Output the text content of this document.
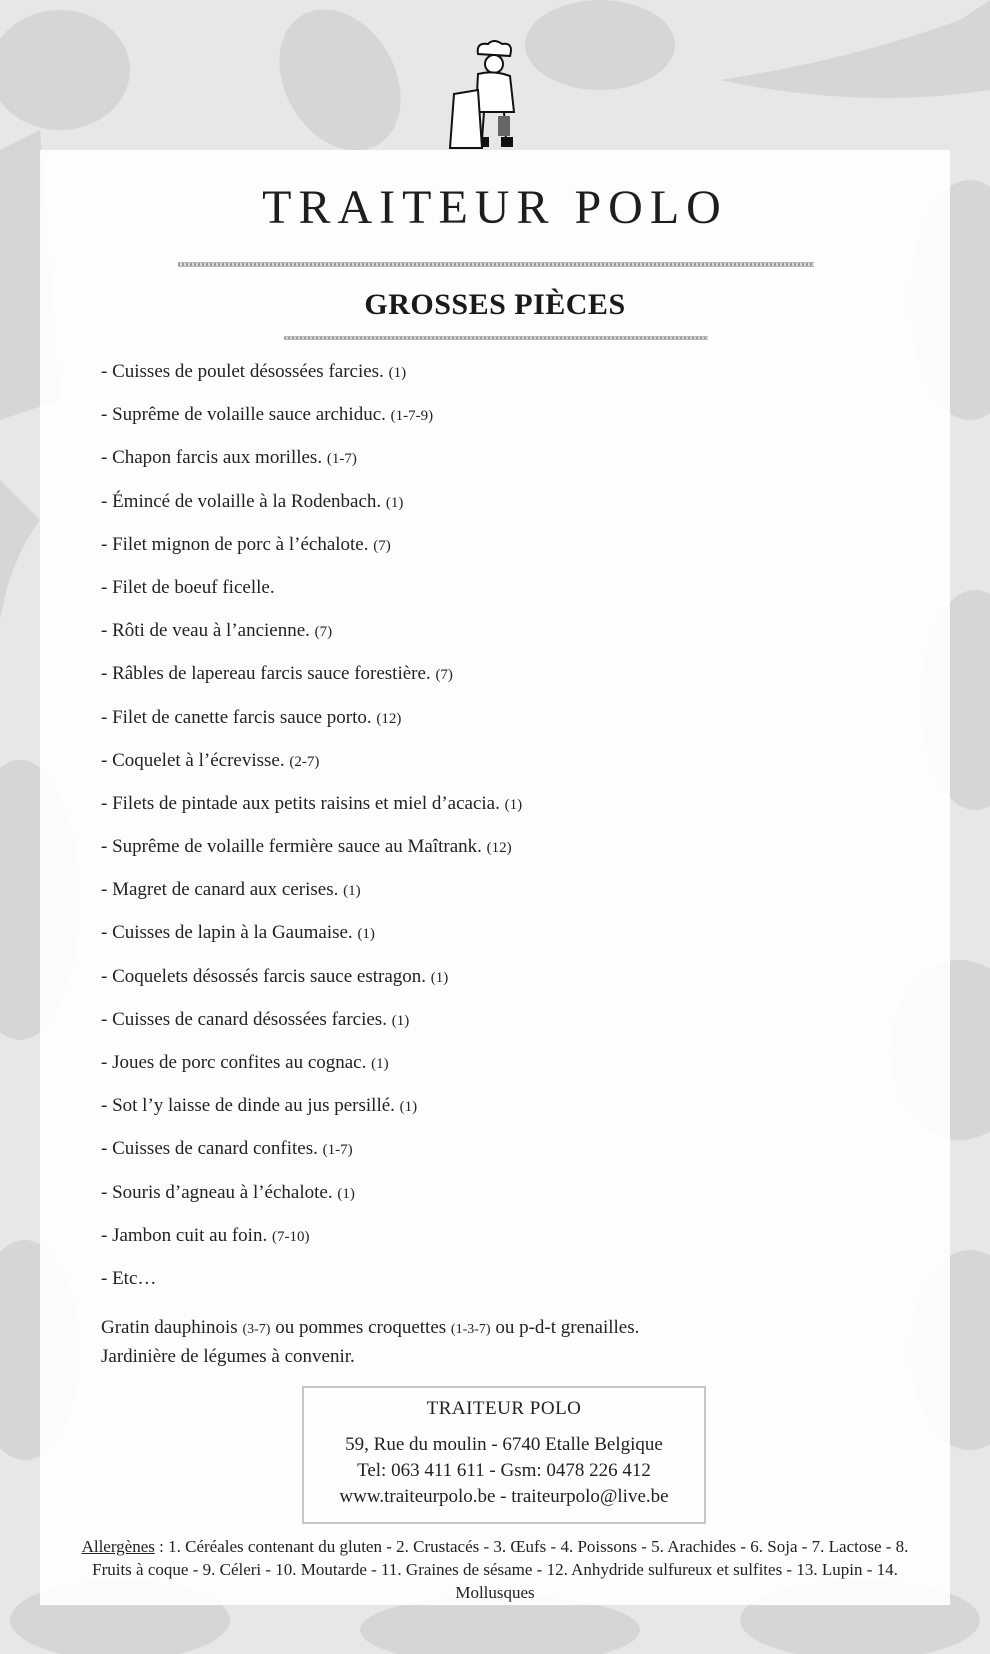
TRAITEUR POLO
GROSSES PIÈCES
- Cuisses de poulet désossées farcies. (1)
- Suprême de volaille sauce archiduc. (1-7-9)
- Chapon farcis aux morilles. (1-7)
- Émincé de volaille à la Rodenbach. (1)
- Filet mignon de porc à l’échalote. (7)
- Filet de boeuf ficelle.
- Rôti de veau à l’ancienne. (7)
- Râbles de lapereau farcis sauce forestière. (7)
- Filet de canette farcis sauce porto. (12)
- Coquelet à l’écrevisse. (2-7)
- Filets de pintade aux petits raisins et miel d’acacia. (1)
- Suprême de volaille fermière sauce au Maîtrank. (12)
- Magret de canard aux cerises. (1)
- Cuisses de lapin à la Gaumaise. (1)
- Coquelets désossés farcis sauce estragon. (1)
- Cuisses de canard désossées farcies. (1)
- Joues de porc confites au cognac. (1)
- Sot l’y laisse de dinde au jus persillé. (1)
- Cuisses de canard confites. (1-7)
- Souris d’agneau à l’échalote. (1)
- Jambon cuit au foin. (7-10)
- Etc…
Gratin dauphinois (3-7) ou pommes croquettes (1-3-7) ou p-d-t grenailles.
Jardinière de légumes à convenir.
TRAITEUR POLO
59, Rue du moulin - 6740 Etalle Belgique
Tel: 063 411 611 - Gsm: 0478 226 412
www.traiteurpolo.be - traiteurpolo@live.be
Allergènes : 1. Céréales contenant du gluten - 2. Crustacés - 3. Œufs - 4. Poissons - 5. Arachides - 6. Soja - 7. Lactose - 8. Fruits à coque - 9. Céleri - 10. Moutarde - 11. Graines de sésame - 12. Anhydride sulfureux et sulfites - 13. Lupin - 14. Mollusques
